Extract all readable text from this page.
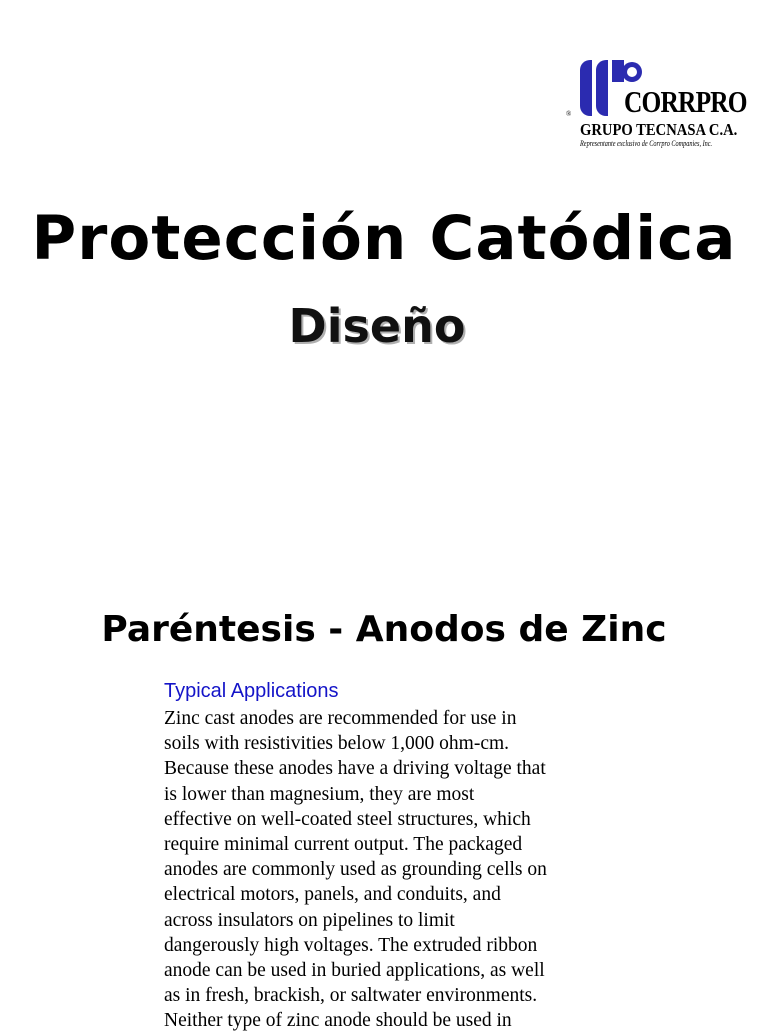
® CORRPRO
GRUPO TECNASA C.A.
Representante exclusivo de Corrpro Companies, Inc.
Protección Catódica
Diseño
Paréntesis - Anodos de Zinc
Typical Applications
Zinc cast anodes are recommended for use in
soils with resistivities below 1,000 ohm-cm.
Because these anodes have a driving voltage that
is lower than magnesium, they are most
effective on well-coated steel structures, which
require minimal current output. The packaged
anodes are commonly used as grounding cells on
electrical motors, panels, and conduits, and
across insulators on pipelines to limit
dangerously high voltages. The extruded ribbon
anode can be used in buried applications, as well
as in fresh, brackish, or saltwater environments.
Neither type of zinc anode should be used in
